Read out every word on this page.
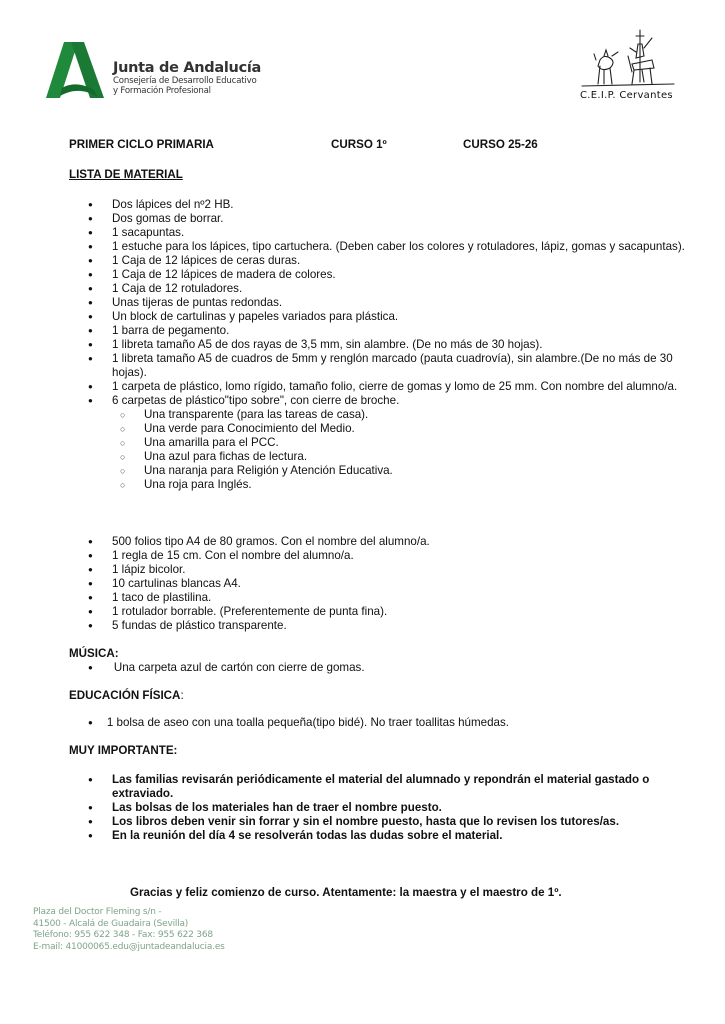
Junta de Andalucía
Consejería de Desarrollo Educativo
y Formación Profesional	C.E.I.P. Cervantes
PRIMER CICLO PRIMARIA	CURSO 1º	CURSO 25-26
LISTA DE MATERIAL
● Dos lápices del nº2 HB.
● Dos gomas de borrar.
● 1 sacapuntas.
● 1 estuche para los lápices, tipo cartuchera. (Deben caber los colores y rotuladores, lápiz, gomas y sacapuntas).
● 1 Caja de 12 lápices de ceras duras.
● 1 Caja de 12 lápices de madera de colores.
● 1 Caja de 12 rotuladores.
● Unas tijeras de puntas redondas.
● Un block de cartulinas y papeles variados para plástica.
● 1 barra de pegamento.
● 1 libreta tamaño A5 de dos rayas de 3,5 mm, sin alambre. (De no más de 30 hojas).
● 1 libreta tamaño A5 de cuadros de 5mm y renglón marcado (pauta cuadrovía), sin alambre.(De no más de 30 hojas).
● 1 carpeta de plástico, lomo rígido, tamaño folio, cierre de gomas y lomo de 25 mm. Con nombre del alumno/a.
● 6 carpetas de plástico"tipo sobre", con cierre de broche.
○ Una transparente (para las tareas de casa).
○ Una verde para Conocimiento del Medio.
○ Una amarilla para el PCC.
○ Una azul para fichas de lectura.
○ Una naranja para Religión y Atención Educativa.
○ Una roja para Inglés.
● 500 folios tipo A4 de 80 gramos. Con el nombre del alumno/a.
● 1 regla de 15 cm. Con el nombre del alumno/a.
● 1 lápiz bicolor.
● 10 cartulinas blancas A4.
● 1 taco de plastilina.
● 1 rotulador borrable. (Preferentemente de punta fina).
● 5 fundas de plástico transparente.
MÚSICA:
● Una carpeta azul de cartón con cierre de gomas.
EDUCACIÓN FÍSICA:
● 1 bolsa de aseo con una toalla pequeña(tipo bidé). No traer toallitas húmedas.
MUY IMPORTANTE:
● Las familias revisarán periódicamente el material del alumnado y repondrán el material gastado o extraviado.
● Las bolsas de los materiales han de traer el nombre puesto.
● Los libros deben venir sin forrar y sin el nombre puesto, hasta que lo revisen los tutores/as.
● En la reunión del día 4 se resolverán todas las dudas sobre el material.
Gracias y feliz comienzo de curso. Atentamente: la maestra y el maestro de 1º.
Plaza del Doctor Fleming s/n -
41500 - Alcalá de Guadaira (Sevilla)
Teléfono: 955 622 348 - Fax: 955 622 368
E-mail: 41000065.edu@juntadeandalucia.es
